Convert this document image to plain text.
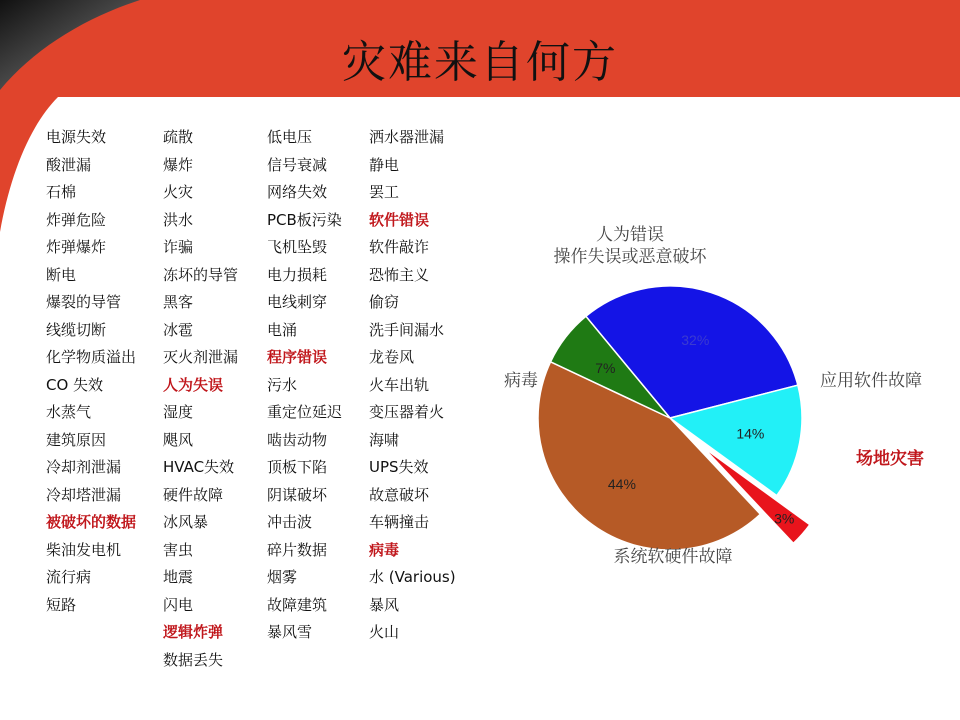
灾难来自何方
电源失效
酸泄漏
石棉
炸弹危险
炸弹爆炸
断电
爆裂的导管
线缆切断
化学物质溢出
CO 失效
水蒸气
建筑原因
冷却剂泄漏
冷却塔泄漏
被破坏的数据
柴油发电机
流行病
短路
疏散
爆炸
火灾
洪水
诈骗
冻坏的导管
黑客
冰雹
灭火剂泄漏
人为失误
湿度
飓风
HVAC失效
硬件故障
冰风暴
害虫
地震
闪电
逻辑炸弹
数据丢失
低电压
信号衰减
网络失效
PCB板污染
飞机坠毁
电力损耗
电线刺穿
电涌
程序错误
污水
重定位延迟
啮齿动物
顶板下陷
阴谋破坏
冲击波
碎片数据
烟雾
故障建筑
暴风雪
洒水器泄漏
静电
罢工
软件错误
软件敲诈
恐怖主义
偷窃
洗手间漏水
龙卷风
火车出轨
变压器着火
海啸
UPS失效
故意破坏
车辆撞击
病毒
水 (Various)
暴风
火山
32%
人为错误操作失误或恶意破坏
14%
应用软件故障
3%
场地灾害
44%
系统软硬件故障
7%
病毒
